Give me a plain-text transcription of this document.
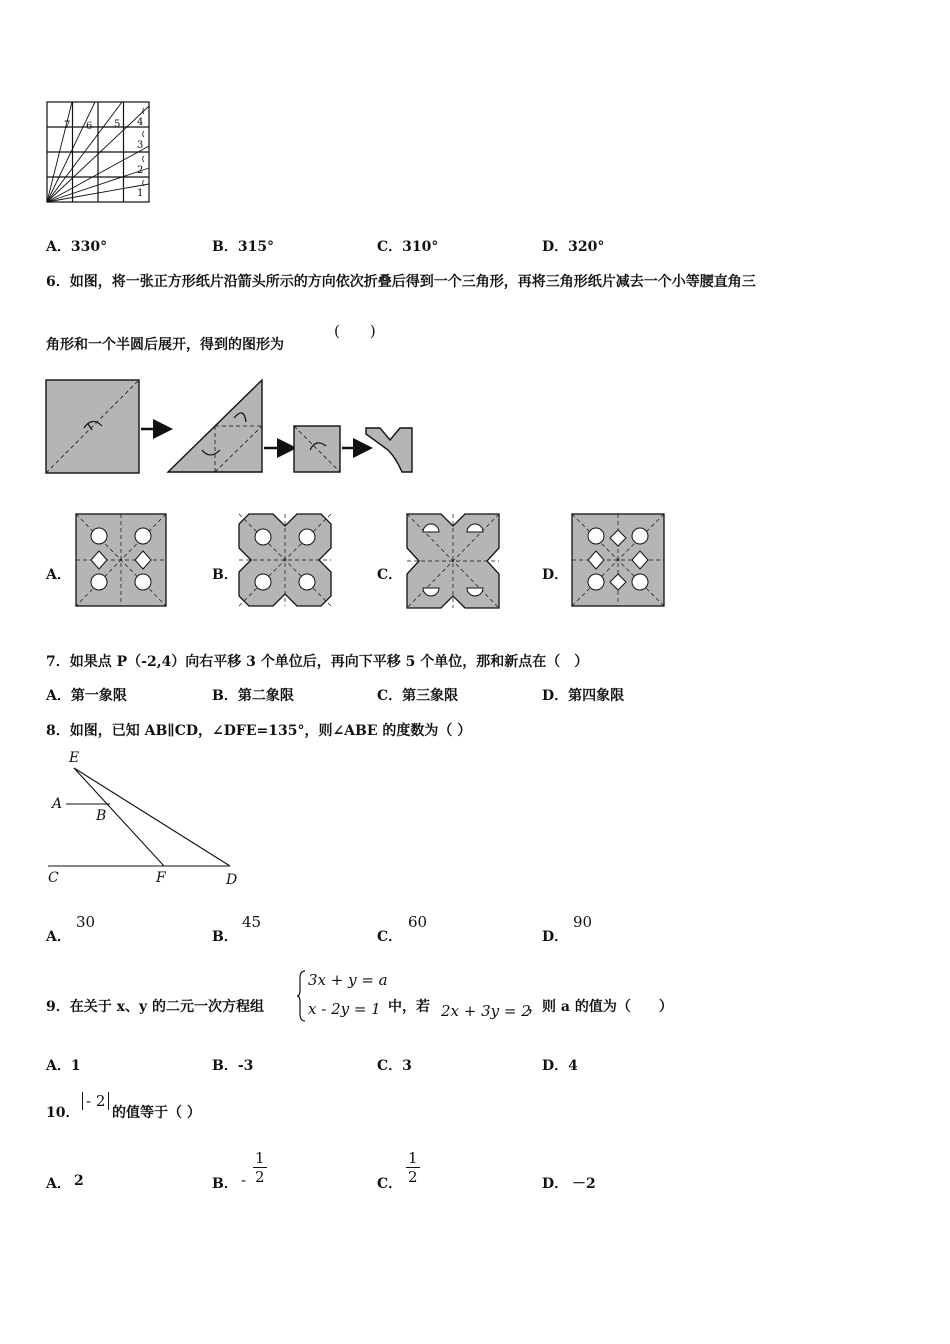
7 6 5 4
3
2
1
A．330°	B．315°	C．310°	D．320°
6．如图，将一张正方形纸片沿箭头所示的方向依次折叠后得到一个三角形，再将三角形纸片减去一个小等腰直角三
角形和一个半圆后展开，得到的图形为
(　　)
A．	B．	C．	D．
7．如果点 P（-2,4）向右平移 3 个单位后，再向下平移 5 个单位，那和新点在（　）
A．第一象限	B．第二象限	C．第三象限	D．第四象限
8．如图，已知 AB∥CD，∠DFE=135°，则∠ABE 的度数为（ ）
E
A
B
C	F	D
A．
30
B．
45
C．
60
D．
90
9．在关于 x、y 的二元一次方程组
3x + y = a
x - 2y = 1 中，若 2x + 3y = 2
，则 a 的值为（　　）
A．1	B．-3	C．3	D．4
10．
- 2
的值等于（ ）
A． 2	B． - $\frac{1}{2}$	C． $\frac{1}{2}$	D． －2
